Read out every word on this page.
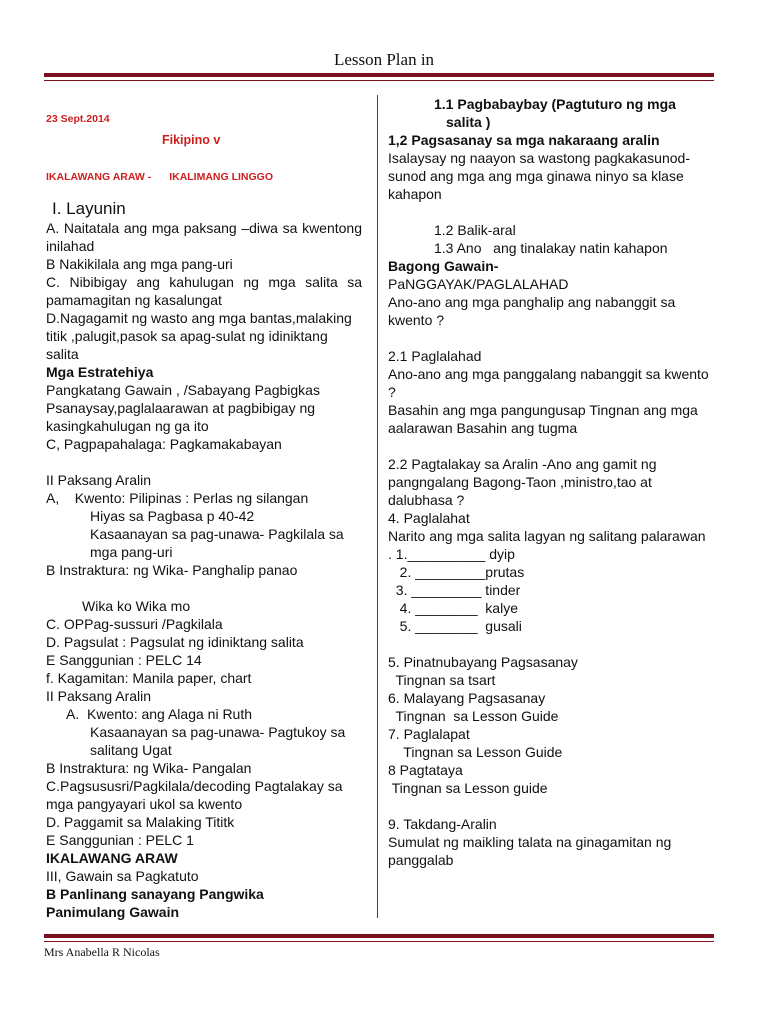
Lesson Plan in
23 Sept.2014
Fikipino v
IKALAWANG ARAW - IKALIMANG LINGGO
I. Layunin
A. Naitatala ang mga paksang –diwa sa kwentong inilahad
B Nakikilala ang mga pang-uri
C. Nibibigay ang kahulugan ng mga salita sa pamamagitan ng kasalungat
D.Nagagamit ng wasto ang mga bantas,malaking titik ,palugit,pasok sa apag-sulat ng idiniktang salita
Mga Estratehiya
Pangkatang Gawain , /Sabayang Pagbigkas Psanaysay,paglalaarawan at pagbibigay ng kasingkahulugan ng ga ito
C, Pagpapahalaga: Pagkamakabayan
II Paksang Aralin
A,    Kwento: Pilipinas : Perlas ng silangan
Hiyas sa Pagbasa p 40-42
Kasaanayan sa pag-unawa- Pagkilala sa mga pang-uri
B Instraktura: ng Wika- Panghalip panao
Wika ko Wika mo
C. OPPag-sussuri /Pagkilala
D. Pagsulat : Pagsulat ng idiniktang salita
E Sanggunian : PELC 14
f. Kagamitan: Manila paper, chart
II Paksang Aralin
A.  Kwento: ang Alaga ni Ruth
Kasaanayan sa pag-unawa- Pagtukoy sa salitang Ugat
B Instraktura: ng Wika- Pangalan
C.Pagsususri/Pagkilala/decoding Pagtalakay sa mga pangyayari ukol sa kwento
D. Paggamit sa Malaking Tititk
E Sanggunian : PELC 1
IKALAWANG ARAW
III, Gawain sa Pagkatuto
B Panlinang sanayang Pangwika
Panimulang Gawain
1.1 Pagbabaybay (Pagtuturo ng mga
salita )
1,2 Pagsasanay sa mga nakaraang aralin
Isalaysay ng naayon sa wastong pagkakasunod-sunod ang mga ang mga ginawa ninyo sa klase kahapon
1.2 Balik-aral
1.3 Ano   ang tinalakay natin kahapon
Bagong Gawain-
PaNGGAYAK/PAGLALAHAD
Ano-ano ang mga panghalip ang nabanggit sa kwento ?
2.1 Paglalahad
Ano-ano ang mga panggalang nabanggit sa kwento ?
Basahin ang mga pangungusap Tingnan ang mga aalarawan Basahin ang tugma
2.2 Pagtalakay sa Aralin -Ano ang gamit ng pangngalang Bagong-Taon ,ministro,tao at dalubhasa ?
4. Paglalahat
Narito ang mga salita lagyan ng salitang palarawan
. 1.__________ dyip
2. _________prutas
3. _________ tinder
4. ________  kalye
5. ________  gusali
5. Pinatnubayang Pagsasanay
Tingnan sa tsart
6. Malayang Pagsasanay
Tingnan  sa Lesson Guide
7. Paglalapat
Tingnan sa Lesson Guide
8 Pagtataya
Tingnan sa Lesson guide
9. Takdang-Aralin
Sumulat ng maikling talata na ginagamitan ng panggalab
Mrs Anabella R Nicolas
